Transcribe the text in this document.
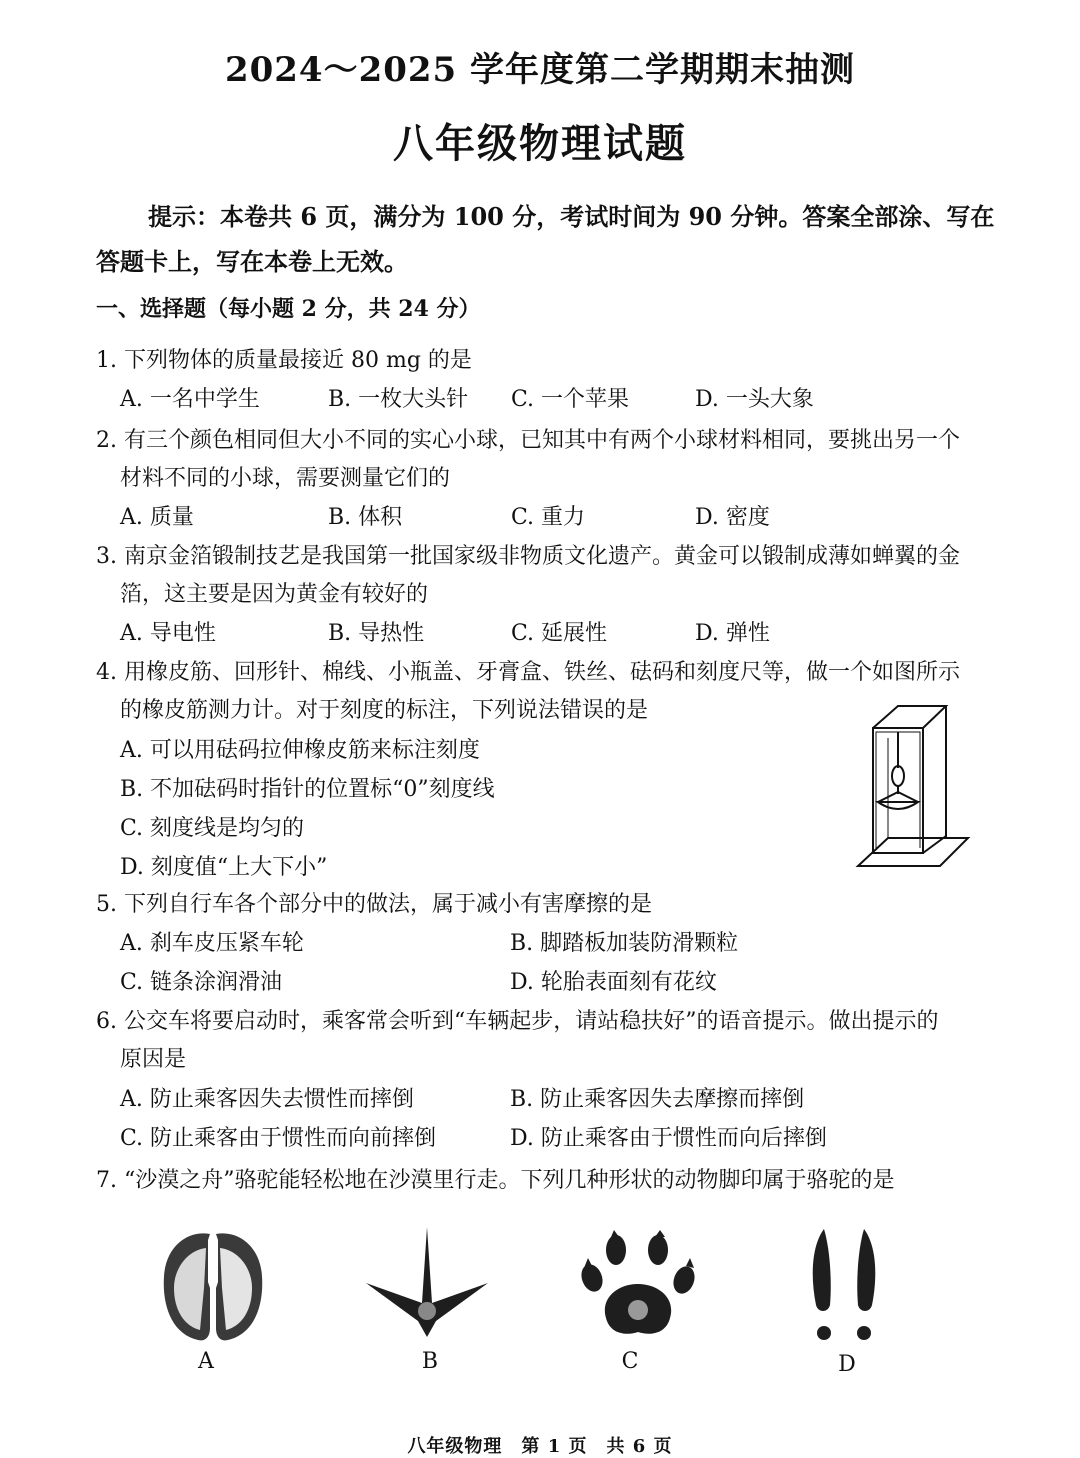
2024～2025 学年度第二学期期末抽测
八年级物理试题
提示：本卷共 6 页，满分为 100 分，考试时间为 90 分钟。答案全部涂、写在答题卡上，写在本卷上无效。
一、选择题（每小题 2 分，共 24 分）
1. 下列物体的质量最接近 80 mg 的是
A. 一名中学生	B. 一枚大头针 C. 一个苹果	D. 一头大象
2. 有三个颜色相同但大小不同的实心小球，已知其中有两个小球材料相同，要挑出另一个
材料不同的小球，需要测量它们的
A. 质量	B. 体积	C. 重力	D. 密度
3. 南京金箔锻制技艺是我国第一批国家级非物质文化遗产。黄金可以锻制成薄如蝉翼的金
箔，这主要是因为黄金有较好的
A. 导电性	B. 导热性	C. 延展性	D. 弹性
4. 用橡皮筋、回形针、棉线、小瓶盖、牙膏盒、铁丝、砝码和刻度尺等，做一个如图所示
的橡皮筋测力计。对于刻度的标注，下列说法错误的是
A. 可以用砝码拉伸橡皮筋来标注刻度
B. 不加砝码时指针的位置标“0”刻度线
C. 刻度线是均匀的
D. 刻度值“上大下小”
5. 下列自行车各个部分中的做法，属于减小有害摩擦的是
A. 刹车皮压紧车轮	B. 脚踏板加装防滑颗粒
C. 链条涂润滑油	D. 轮胎表面刻有花纹
6. 公交车将要启动时，乘客常会听到“车辆起步，请站稳扶好”的语音提示。做出提示的
原因是
A. 防止乘客因失去惯性而摔倒	B. 防止乘客因失去摩擦而摔倒
C. 防止乘客由于惯性而向前摔倒	D. 防止乘客由于惯性而向后摔倒
7. “沙漠之舟”骆驼能轻松地在沙漠里行走。下列几种形状的动物脚印属于骆驼的是
A	B	C	D
八年级物理　第 1 页　共 6 页
